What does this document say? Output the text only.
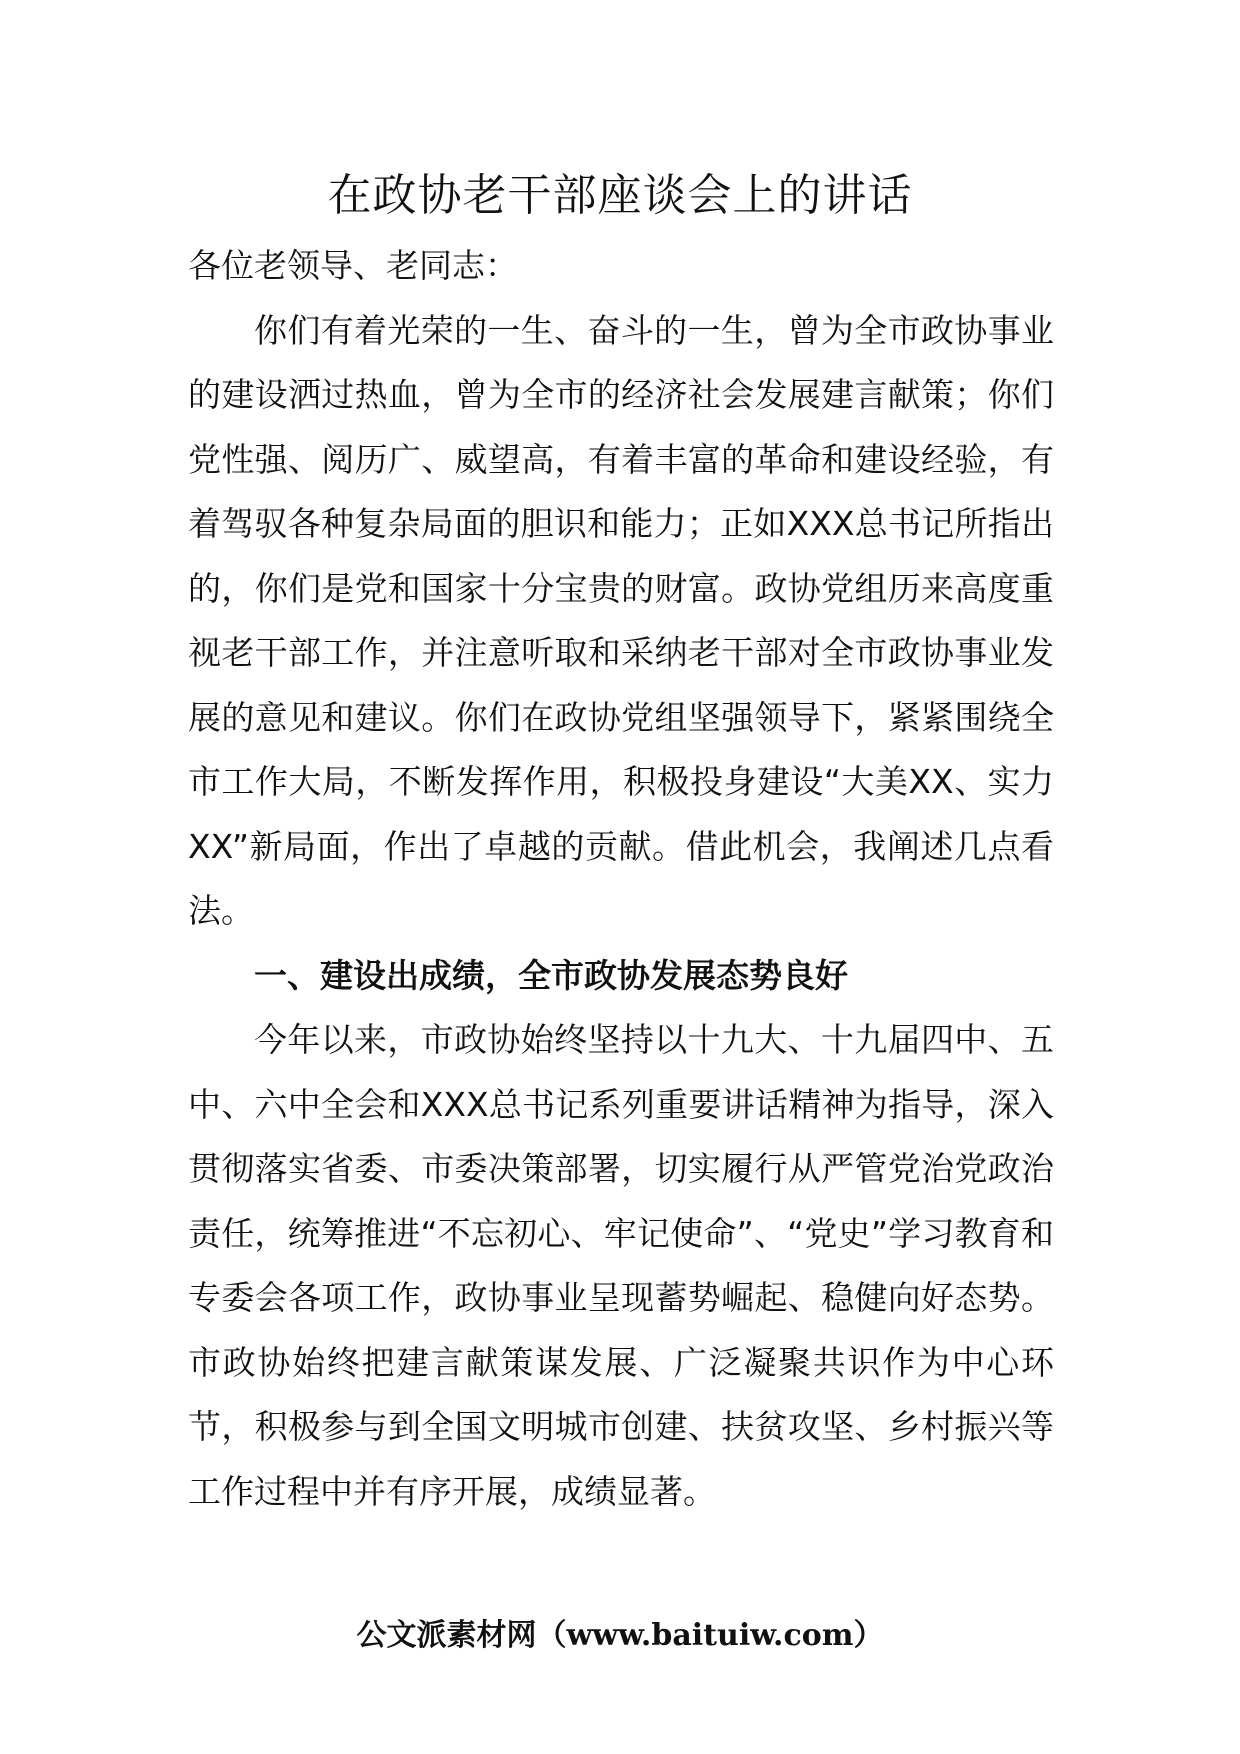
在政协老干部座谈会上的讲话

各位老领导、老同志：

你们有着光荣的一生、奋斗的一生，曾为全市政协事业的建设洒过热血，曾为全市的经济社会发展建言献策；你们党性强、阅历广、威望高，有着丰富的革命和建设经验，有着驾驭各种复杂局面的胆识和能力；正如XXX总书记所指出的，你们是党和国家十分宝贵的财富。政协党组历来高度重视老干部工作，并注意听取和采纳老干部对全市政协事业发展的意见和建议。你们在政协党组坚强领导下，紧紧围绕全市工作大局，不断发挥作用，积极投身建设“大美XX、实力XX”新局面，作出了卓越的贡献。借此机会，我阐述几点看法。

一、建设出成绩，全市政协发展态势良好

今年以来，市政协始终坚持以十九大、十九届四中、五中、六中全会和XXX总书记系列重要讲话精神为指导，深入贯彻落实省委、市委决策部署，切实履行从严管党治党政治责任，统筹推进“不忘初心、牢记使命”、“党史”学习教育和专委会各项工作，政协事业呈现蓄势崛起、稳健向好态势。市政协始终把建言献策谋发展、广泛凝聚共识作为中心环节，积极参与到全国文明城市创建、扶贫攻坚、乡村振兴等工作过程中并有序开展，成绩显著。

公文派素材网（www.baituiw.com）
